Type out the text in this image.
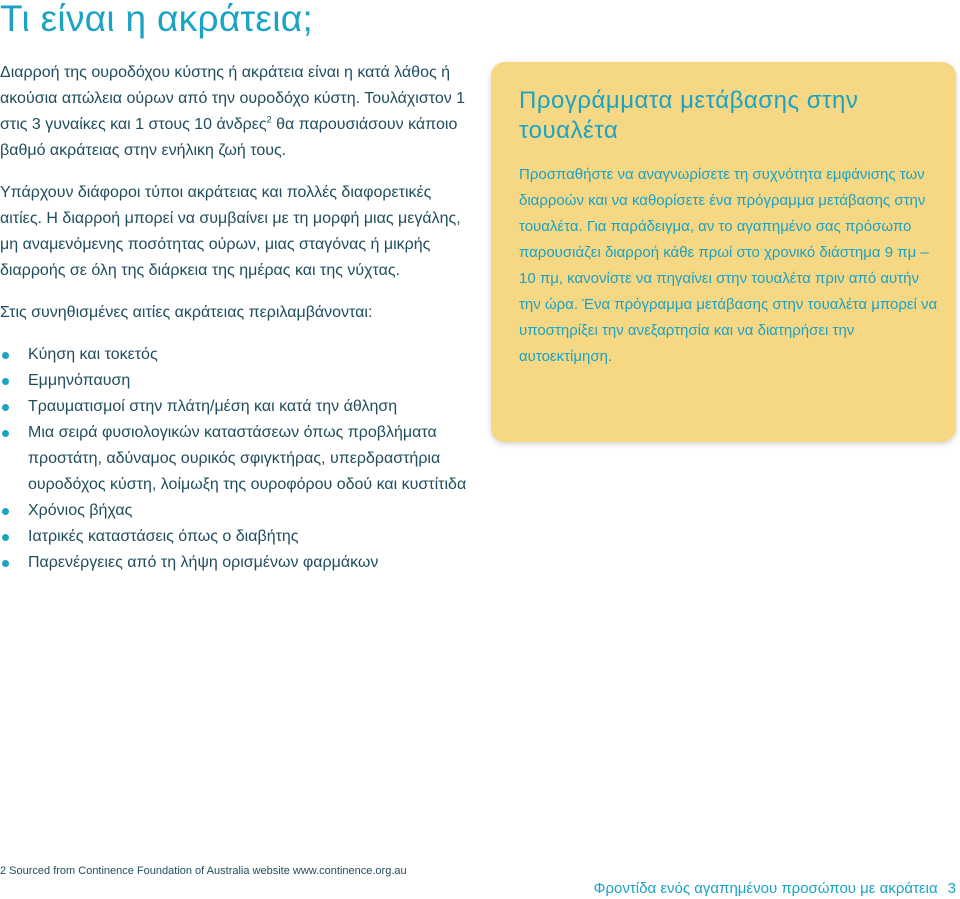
Τι είναι η ακράτεια;

Διαρροή της ουροδόχου κύστης ή ακράτεια είναι η κατά λάθος ή ακούσια απώλεια ούρων από την ουροδόχο κύστη. Τουλάχιστον 1 στις 3 γυναίκες και 1 στους 10 άνδρες$^2$ θα παρουσιάσουν κάποιο βαθμό ακράτειας στην ενήλικη ζωή τους.

Υπάρχουν διάφοροι τύποι ακράτειας και πολλές διαφορετικές αιτίες. Η διαρροή μπορεί να συμβαίνει με τη μορφή μιας μεγάλης, μη αναμενόμενης ποσότητας ούρων, μιας σταγόνας ή μικρής διαρροής σε όλη της διάρκεια της ημέρας και της νύχτας.

Στις συνηθισμένες αιτίες ακράτειας περιλαμβάνονται:

Κύηση και τοκετός
Εμμηνόπαυση
Τραυματισμοί στην πλάτη/μέση και κατά την άθληση
Μια σειρά φυσιολογικών καταστάσεων όπως προβλήματα προστάτη, αδύναμος ουρικός σφιγκτήρας, υπερδραστήρια ουροδόχος κύστη, λοίμωξη της ουροφόρου οδού και κυστίτιδα
Χρόνιος βήχας
Ιατρικές καταστάσεις όπως ο διαβήτης
Παρενέργειες από τη λήψη ορισμένων φαρμάκων
Προγράμματα μετάβασης στην τουαλέτα

Προσπαθήστε να αναγνωρίσετε τη συχνότητα εμφάνισης των διαρροών και να καθορίσετε ένα πρόγραμμα μετάβασης στην τουαλέτα. Για παράδειγμα, αν το αγαπημένο σας πρόσωπο παρουσιάζει διαρροή κάθε πρωί στο χρονικό διάστημα 9 πμ – 10 πμ, κανονίστε να πηγαίνει στην τουαλέτα πριν από αυτήν την ώρα. Ένα πρόγραμμα μετάβασης στην τουαλέτα μπορεί να υποστηρίξει την ανεξαρτησία και να διατηρήσει την αυτοεκτίμηση.

2 Sourced from Continence Foundation of Australia website www.continence.org.au
Φροντίδα ενός αγαπημένου προσώπου με ακράτεια 3
